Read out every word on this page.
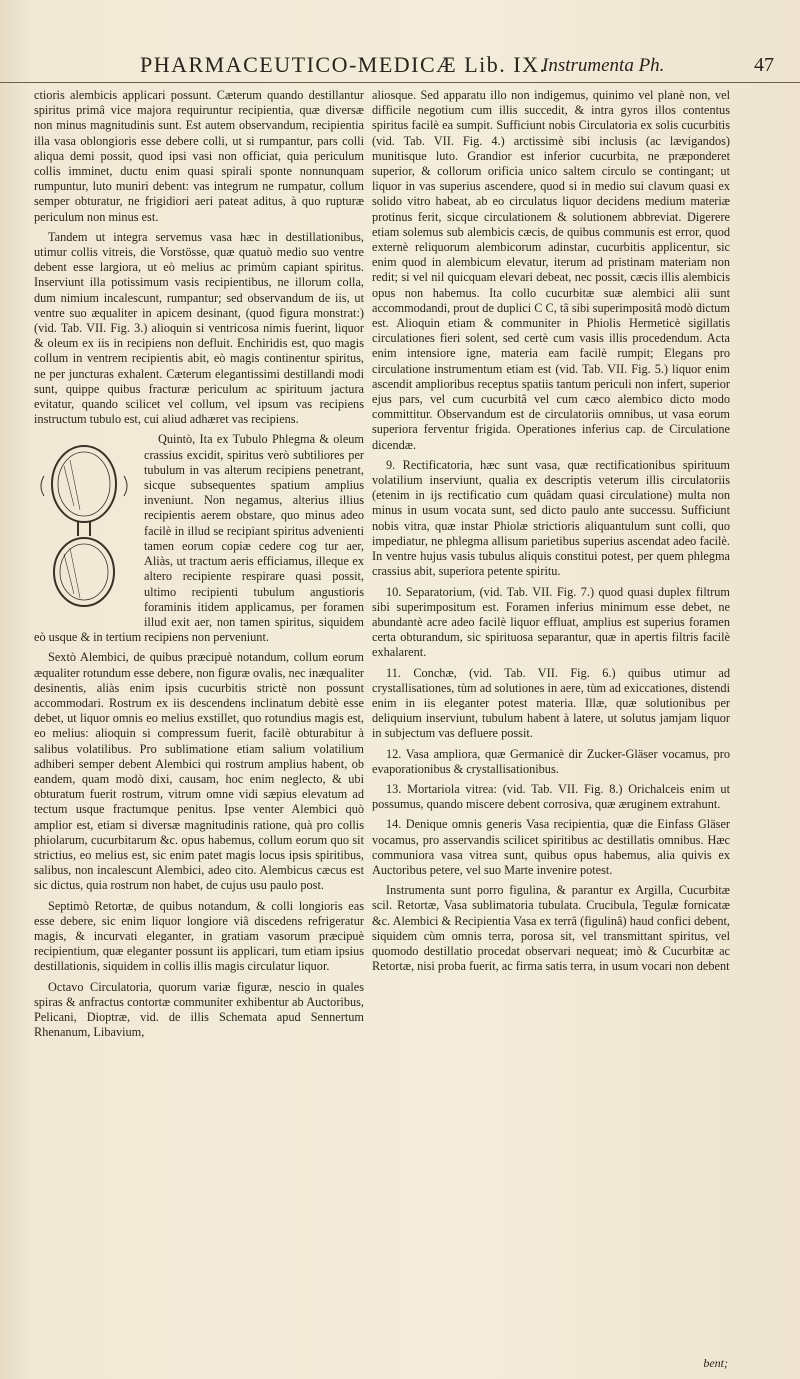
PHARMACEUTICO-MEDICÆ Lib. IX.
Instrumenta Ph.	47

ctioris alembicis applicari possunt. Cæterum quando destillantur spiritus primâ vice majora requiruntur recipientia, quæ diversæ non minus magnitudinis sunt. Est autem observandum, recipientia illa vasa oblongioris esse debere colli, ut si rumpantur, pars colli aliqua demi possit, quod ipsi vasi non officiat, quia periculum collis imminet, ductu enim quasi spirali sponte nonnunquam rumpuntur, luto muniri debent: vas integrum ne rumpatur, collum semper obturatur, ne frigidiori aeri pateat aditus, à quo rupturæ periculum non minus est.

Tandem ut integra servemus vasa hæc in destillationibus, utimur collis vitreis, die Vorstösse, quæ quatuò medio suo ventre debent esse largiora, ut eò melius ac primùm capiant spiritus. Inserviunt illa potissimum vasis recipientibus, ne illorum colla, dum nimium incalescunt, rumpantur; sed observandum de iis, ut ventre suo æqualiter in apicem desinant, (quod figura monstrat:) (vid. Tab. VII. Fig. 3.) alioquin si ventricosa nimis fuerint, liquor & oleum ex iis in recipiens non defluit. Enchiridis est, quo magis collum in ventrem recipientis abit, eò magis continentur spiritus, ne per juncturas exhalent. Cæterum elegantissimi destillandi modi sunt, quippe quibus fracturæ periculum ac spirituum jactura evitatur, quando scilicet vel collum, vel ipsum vas recipiens instructum tubulo est, cui aliud adhæret vas recipiens.

Quintò, Ita ex Tubulo Phlegma & oleum crassius excidit, spiritus verò subtiliores per tubulum in vas alterum recipiens penetrant, sicque subsequentes spatium amplius inveniunt. Non negamus, alterius illius recipientis aerem obstare, quo minus adeo facilè in illud se recipiant spiritus advenienti tamen eorum copiæ cedere cog tur aer, Aliàs, ut tractum aeris efficiamus, illeque ex altero recipiente respirare quasi possit, ultimo recipienti tubulum angustioris foraminis itidem applicamus, per foramen illud exit aer, non tamen spiritus, siquidem eò usque & in tertium recipiens non perveniunt.

Sextò Alembici, de quibus præcipuè notandum, collum eorum æqualiter rotundum esse debere, non figuræ ovalis, nec inæqualiter desinentis, aliàs enim ipsis cucurbitis strictè non possunt accommodari. Rostrum ex iis descendens inclinatum debitè esse debet, ut liquor omnis eo melius exstillet, quo rotundius magis est, eo melius: alioquin si compressum fuerit, facilè obturabitur à salibus volatilibus. Pro sublimatione etiam salium volatilium adhiberi semper debent Alembici qui rostrum amplius habent, ob eandem, quam modò dixi, causam, hoc enim neglecto, & ubi obturatum fuerit rostrum, vitrum omne vidi sæpius elevatum ad tectum usque fractumque penitus. Ipse venter Alembici quò amplior est, etiam si diversæ magnitudinis ratione, quà pro collis phiolarum, cucurbitarum &c. opus habemus, collum eorum quo sit strictius, eo melius est, sic enim patet magis locus ipsis spiritibus, salibus, non incalescunt Alembici, adeo cito. Alembicus cæcus est sic dictus, quia rostrum non habet, de cujus usu paulo post.

Septimò Retortæ, de quibus notandum, & colli longioris eas esse debere, sic enim liquor longiore viâ discedens refrigeratur magis, & incurvati eleganter, in gratiam vasorum præcipuè recipientium, quæ eleganter possunt iis applicari, tum etiam ipsius destillationis, siquidem in collis illis magis circulatur liquor.

Octavo Circulatoria, quorum variæ figuræ, nescio in quales spiras & anfractus contortæ communiter exhibentur ab Auctoribus, Pelicani, Dioptræ, vid. de illis Schemata apud Sennertum Rhenanum, Libavium,

aliosque. Sed apparatu illo non indigemus, quinimo vel planè non, vel difficile negotium cum illis succedit, & intra gyros illos contentus spiritus facilè ea sumpit. Sufficiunt nobis Circulatoria ex solis cucurbitis (vid. Tab. VII. Fig. 4.) arctissimè sibi inclusis (ac lævigandos) munitisque luto. Grandior est inferior cucurbita, ne præponderet superior, & collorum orificia unico saltem circulo se contingant; ut liquor in vas superius ascendere, quod si in medio sui clavum quasi ex solido vitro habeat, ab eo circulatus liquor decidens medium materiæ protinus ferit, sicque circulationem & solutionem abbreviat. Digerere etiam solemus sub alembicis cæcis, de quibus communis est error, quod externè reliquorum alembicorum adinstar, cucurbitis applicentur, sic enim quod in alembicum elevatur, iterum ad pristinam materiam non redit; si vel nil quicquam elevari debeat, nec possit, cæcis illis alembicis opus non habemus. Ita collo cucurbitæ suæ alembici alii sunt accommodandi, prout de duplici C C, tâ sibi superimpositâ modò dictum est. Alioquin etiam & communiter in Phiolis Hermeticè sigillatis circulationes fieri solent, sed certè cum vasis illis procedendum. Acta enim intensiore igne, materia eam facilè rumpit; Elegans pro circulatione instrumentum etiam est (vid. Tab. VII. Fig. 5.) liquor enim ascendit amplioribus receptus spatiis tantum periculi non infert, superior ejus pars, vel cum cucurbitâ vel cum cæco alembico dicto modo committitur. Observandum est de circulatoriis omnibus, ut vasa eorum superiora ferventur frigida. Operationes inferius cap. de Circulatione dicendæ.

9. Rectificatoria, hæc sunt vasa, quæ rectificationibus spirituum volatilium inserviunt, qualia ex descriptis veterum illis circulatoriis (etenim in ijs rectificatio cum quâdam quasi circulatione) multa non minus in usum vocata sunt, sed dicto paulo ante successu. Sufficiunt nobis vitra, quæ instar Phiolæ strictioris aliquantulum sunt colli, quo impediatur, ne phlegma allisum parietibus superius ascendat adeo facilè. In ventre hujus vasis tubulus aliquis constitui potest, per quem phlegma crassius abit, superiora petente spiritu.

10. Separatorium, (vid. Tab. VII. Fig. 7.) quod quasi duplex filtrum sibi superimpositum est. Foramen inferius minimum esse debet, ne abundantè acre adeo facilè liquor effluat, amplius est superius foramen certa obturandum, sic spirituosa separantur, quæ in apertis filtris facilè exhalarent.

11. Conchæ, (vid. Tab. VII. Fig. 6.) quibus utimur ad crystallisationes, tùm ad solutiones in aere, tùm ad exiccationes, distendi enim in iis eleganter potest materia. Illæ, quæ solutionibus per deliquium inserviunt, tubulum habent à latere, ut solutus jamjam liquor in subjectum vas defluere possit.

12. Vasa ampliora, quæ Germanicè dir Zucker-Gläser vocamus, pro evaporationibus & crystallisationibus.

13. Mortariola vitrea: (vid. Tab. VII. Fig. 8.) Orichalceis enim ut possumus, quando miscere debent corrosiva, quæ æruginem extrahunt.

14. Denique omnis generis Vasa recipientia, quæ die Einfass Gläser vocamus, pro asservandis scilicet spiritibus ac destillatis omnibus. Hæc communiora vasa vitrea sunt, quibus opus habemus, alia quivis ex Auctoribus petere, vel suo Marte invenire potest.

Instrumenta sunt porro figulina, & parantur ex Argilla, Cucurbitæ scil. Retortæ, Vasa sublimatoria tubulata. Crucibula, Tegulæ fornicatæ &c. Alembici & Recipientia Vasa ex terrâ (figulinâ) haud confici debent, siquidem cùm omnis terra, porosa sit, vel transmittant spiritus, vel quomodo destillatio procedat observari nequeat; imò & Cucurbitæ ac Retortæ, nisi proba fuerit, ac firma satis terra, in usum vocari non debent

bent;
